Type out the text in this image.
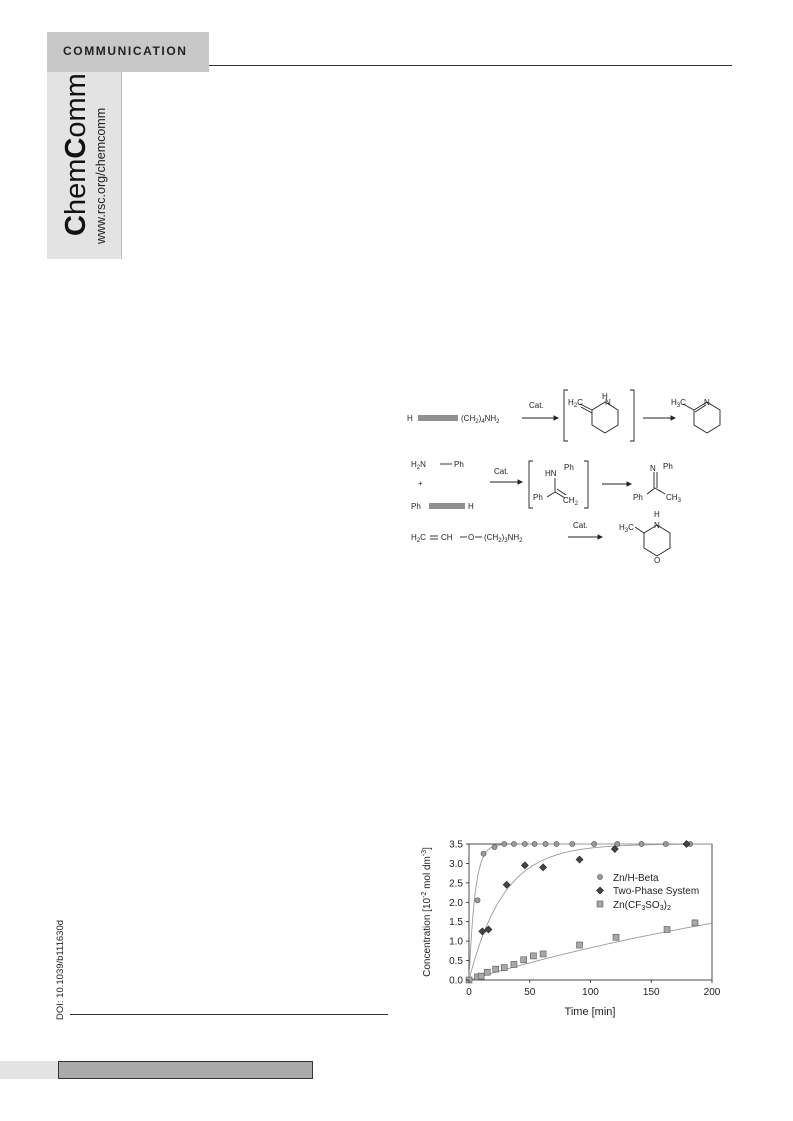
COMMUNICATION
ChemComm
www.rsc.org/chemcomm
DOI: 10.1039/b111630d
H	$(CH_2)_4NH_2$
Cat.
H
$H_2C$	N	$H_3C$ N
$H_2N$	Ph
+
Ph	H
Cat.	HN
Ph
Ph	$CH_2$
N Ph
Ph	$CH_3$
$H_2C$ CH O $(CH_2)_3NH_2$
Cat.	$H_3C$
H
N
O
0.0
0.5
1.0
1.5
2.0
2.5
3.0
3.5
0	50	100	150	200
Time [min]
Concentration [$10^{-2}$ mol $dm^{-3}$]
Zn/H-Beta
Two-Phase System
$Zn(CF_3SO_3)_2$
